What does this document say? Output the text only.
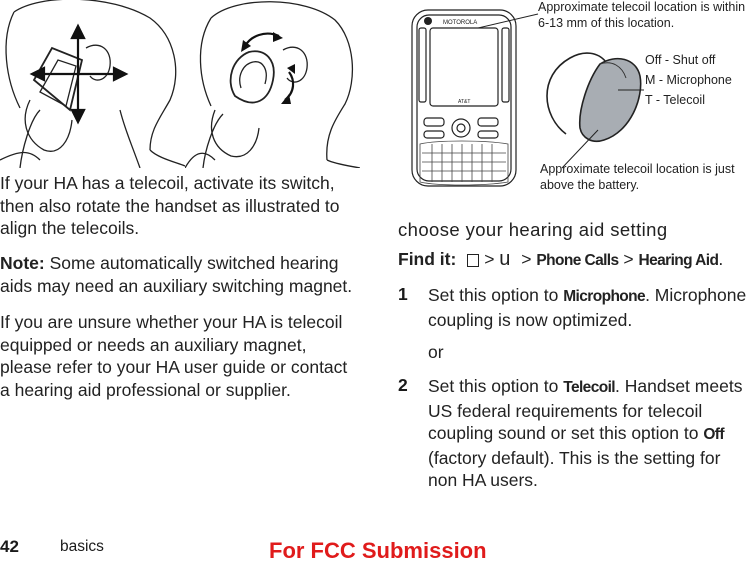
If your HA has a telecoil, activate its switch, then also rotate the handset as illustrated to align the telecoils.
Note: Some automatically switched hearing aids may need an auxiliary switching magnet.
If you are unsure whether your HA is telecoil equipped or needs an auxiliary magnet, please refer to your HA user guide or contact a hearing aid professional or supplier.
MOTOROLA
AT&T
Approximate telecoil location is within 6-13 mm of this location.
Off - Shut off
M - Microphone
T - Telecoil
Approximate telecoil location is just above the battery.
choose your hearing aid setting
Find it: > u > Phone Calls > Hearing Aid.
1 Set this option to Microphone. Microphone coupling is now optimized.
or
2 Set this option to Telecoil. Handset meets US federal requirements for telecoil coupling sound or set this option to Off (factory default). This is the setting for non HA users.
42	basics	For FCC Submission
